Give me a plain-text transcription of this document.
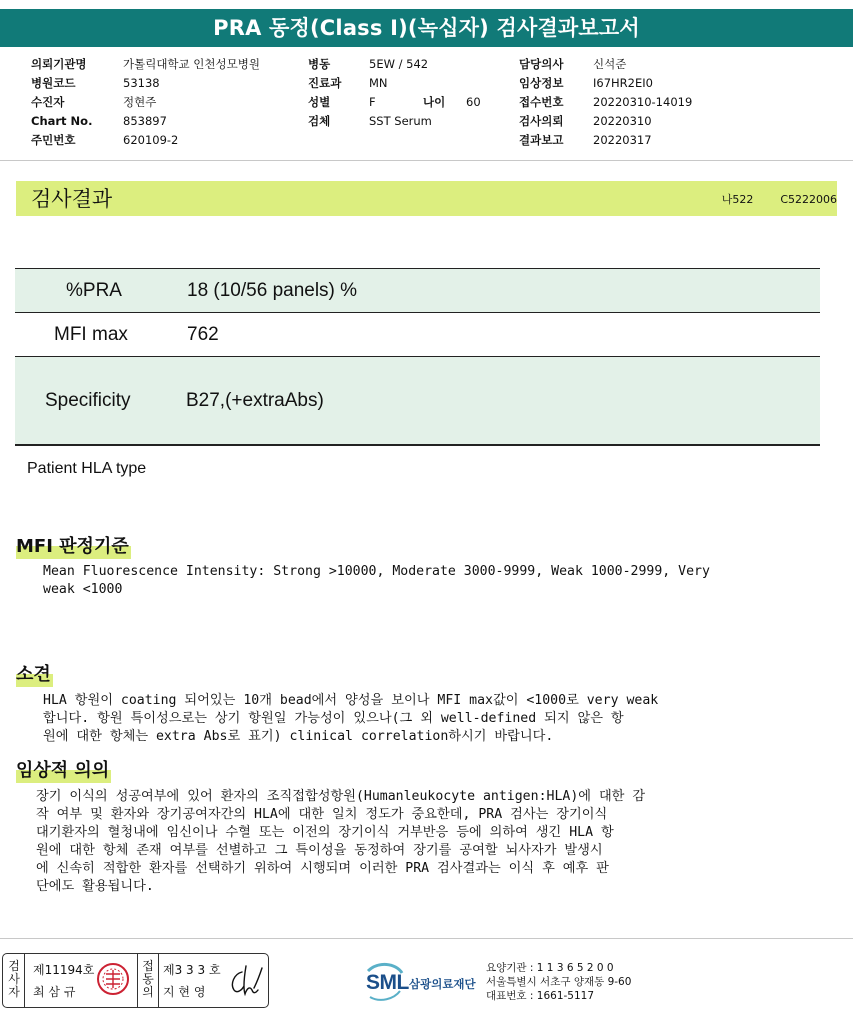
PRA 동정(Class I)(녹십자) 검사결과보고서
의뢰기관명	가톨릭대학교 인천성모병원
병원코드	53138
수진자	정현주
Chart No.	853897
주민번호	620109-2
병동	5EW / 542
진료과 MN
성별	F	나이 60
검체	SST Serum
담당의사	신석준
임상정보	I67HR2EI0
접수번호	20220310-14019
검사의뢰	20220310
결과보고	20220317
검사결과	나522 C5222006
%PRA	18 (10/56 panels) %
MFI max	762
Specificity	B27,(+extraAbs)
Patient HLA type
MFI 판정기준
Mean Fluorescence Intensity: Strong >10000, Moderate 3000-9999, Weak 1000-2999, Very
weak <1000
소견
HLA 항원이 coating 되어있는 10개 bead에서 양성을 보이나 MFI max값이 <1000로 very weak
합니다. 항원 특이성으로는 상기 항원일 가능성이 있으나(그 외 well-defined 되지 않은 항
원에 대한 항체는 extra Abs로 표기) clinical correlation하시기 바랍니다.
임상적 의의
장기 이식의 성공여부에 있어 환자의 조직접합성항원(Humanleukocyte antigen:HLA)에 대한 감
작 여부 및 환자와 장기공여자간의 HLA에 대한 일치 정도가 중요한데, PRA 검사는 장기이식
대기환자의 혈청내에 임신이나 수혈 또는 이전의 장기이식 거부반응 등에 의하여 생긴 HLA 항
원에 대한 항체 존재 여부를 선별하고 그 특이성을 동정하여 장기를 공여할 뇌사자가 발생시
에 신속히 적합한 환자를 선택하기 위하여 시행되며 이러한 PRA 검사결과는 이식 후 예후 판
단에도 활용됩니다.
검
사
자
제11194호
최 삼 규
접
동
의
제3 3 3 호
지 현 영	SML 삼광의료재단
요양기관 : 1 1 3 6 5 2 0 0
서울특별시 서초구 양재동 9-60
대표번호 : 1661-5117
